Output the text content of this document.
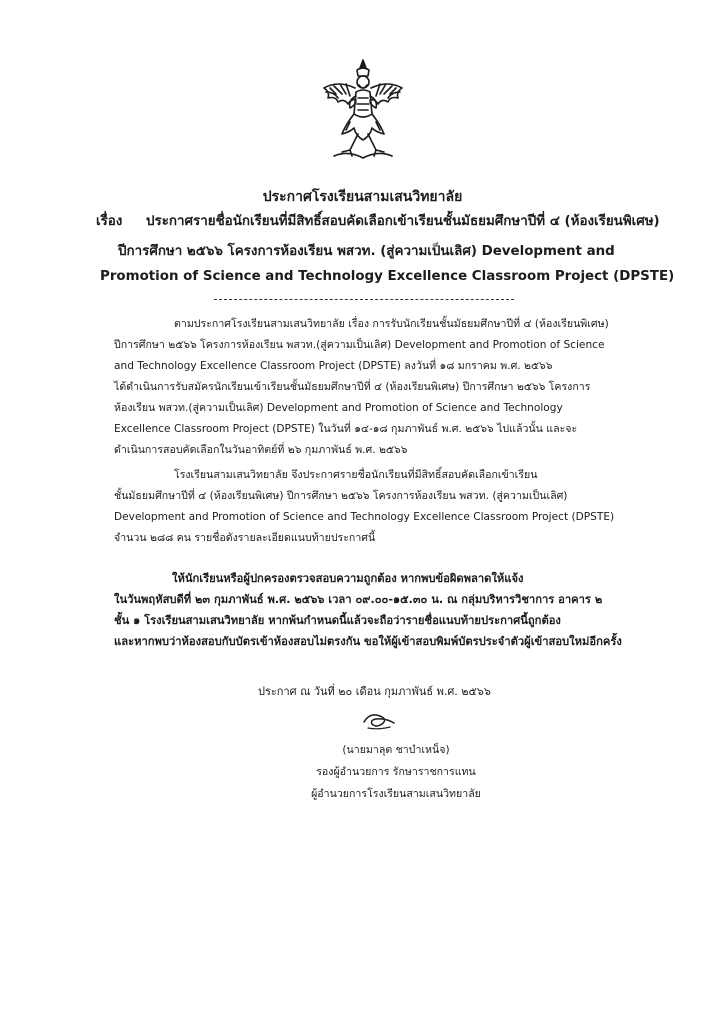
ประกาศโรงเรียนสามเสนวิทยาลัย
เรื่อง ประกาศรายชื่อนักเรียนที่มีสิทธิ์สอบคัดเลือกเข้าเรียนชั้นมัธยมศึกษาปีที่ ๔ (ห้องเรียนพิเศษ)
ปีการศึกษา ๒๕๖๖ โครงการห้องเรียน พสวท. (สู่ความเป็นเลิศ) Development and
Promotion of Science and Technology Excellence Classroom Project (DPSTE)
ตามประกาศโรงเรียนสามเสนวิทยาลัย เรื่อง การรับนักเรียนชั้นมัธยมศึกษาปีที่ ๔ (ห้องเรียนพิเศษ)
ปีการศึกษา ๒๕๖๖ โครงการห้องเรียน พสวท.(สู่ความเป็นเลิศ) Development and Promotion of Science
and Technology Excellence Classroom Project (DPSTE) ลงวันที่ ๑๘ มกราคม พ.ศ. ๒๕๖๖
ได้ดำเนินการรับสมัครนักเรียนเข้าเรียนชั้นมัธยมศึกษาปีที่ ๔ (ห้องเรียนพิเศษ) ปีการศึกษา ๒๕๖๖ โครงการ
ห้องเรียน พสวท.(สู่ความเป็นเลิศ) Development and Promotion of Science and Technology
Excellence Classroom Project (DPSTE) ในวันที่ ๑๔-๑๘ กุมภาพันธ์ พ.ศ. ๒๕๖๖ ไปแล้วนั้น และจะ
ดำเนินการสอบคัดเลือกในวันอาทิตย์ที่ ๒๖ กุมภาพันธ์ พ.ศ. ๒๕๖๖
โรงเรียนสามเสนวิทยาลัย จึงประกาศรายชื่อนักเรียนที่มีสิทธิ์สอบคัดเลือกเข้าเรียน
ชั้นมัธยมศึกษาปีที่ ๔ (ห้องเรียนพิเศษ) ปีการศึกษา ๒๕๖๖ โครงการห้องเรียน พสวท. (สู่ความเป็นเลิศ)
Development and Promotion of Science and Technology Excellence Classroom Project (DPSTE)
จำนวน ๒๘๘ คน รายชื่อดังรายละเอียดแนบท้ายประกาศนี้
ให้นักเรียนหรือผู้ปกครองตรวจสอบความถูกต้อง หากพบข้อผิดพลาดให้แจ้ง
ในวันพฤหัสบดีที่ ๒๓ กุมภาพันธ์ พ.ศ. ๒๕๖๖ เวลา ๐๙.๐๐-๑๕.๓๐ น. ณ กลุ่มบริหารวิชาการ อาคาร ๒
ชั้น ๑ โรงเรียนสามเสนวิทยาลัย หากพ้นกำหนดนี้แล้วจะถือว่ารายชื่อแนบท้ายประกาศนี้ถูกต้อง
และหากพบว่าห้องสอบกับบัตรเข้าห้องสอบไม่ตรงกัน ขอให้ผู้เข้าสอบพิมพ์บัตรประจำตัวผู้เข้าสอบใหม่อีกครั้ง
ประกาศ ณ วันที่ ๒๐ เดือน กุมภาพันธ์ พ.ศ. ๒๕๖๖
(นายมาลุต ชาบำเหน็จ)
รองผู้อำนวยการ รักษาราชการแทน
ผู้อำนวยการโรงเรียนสามเสนวิทยาลัย
